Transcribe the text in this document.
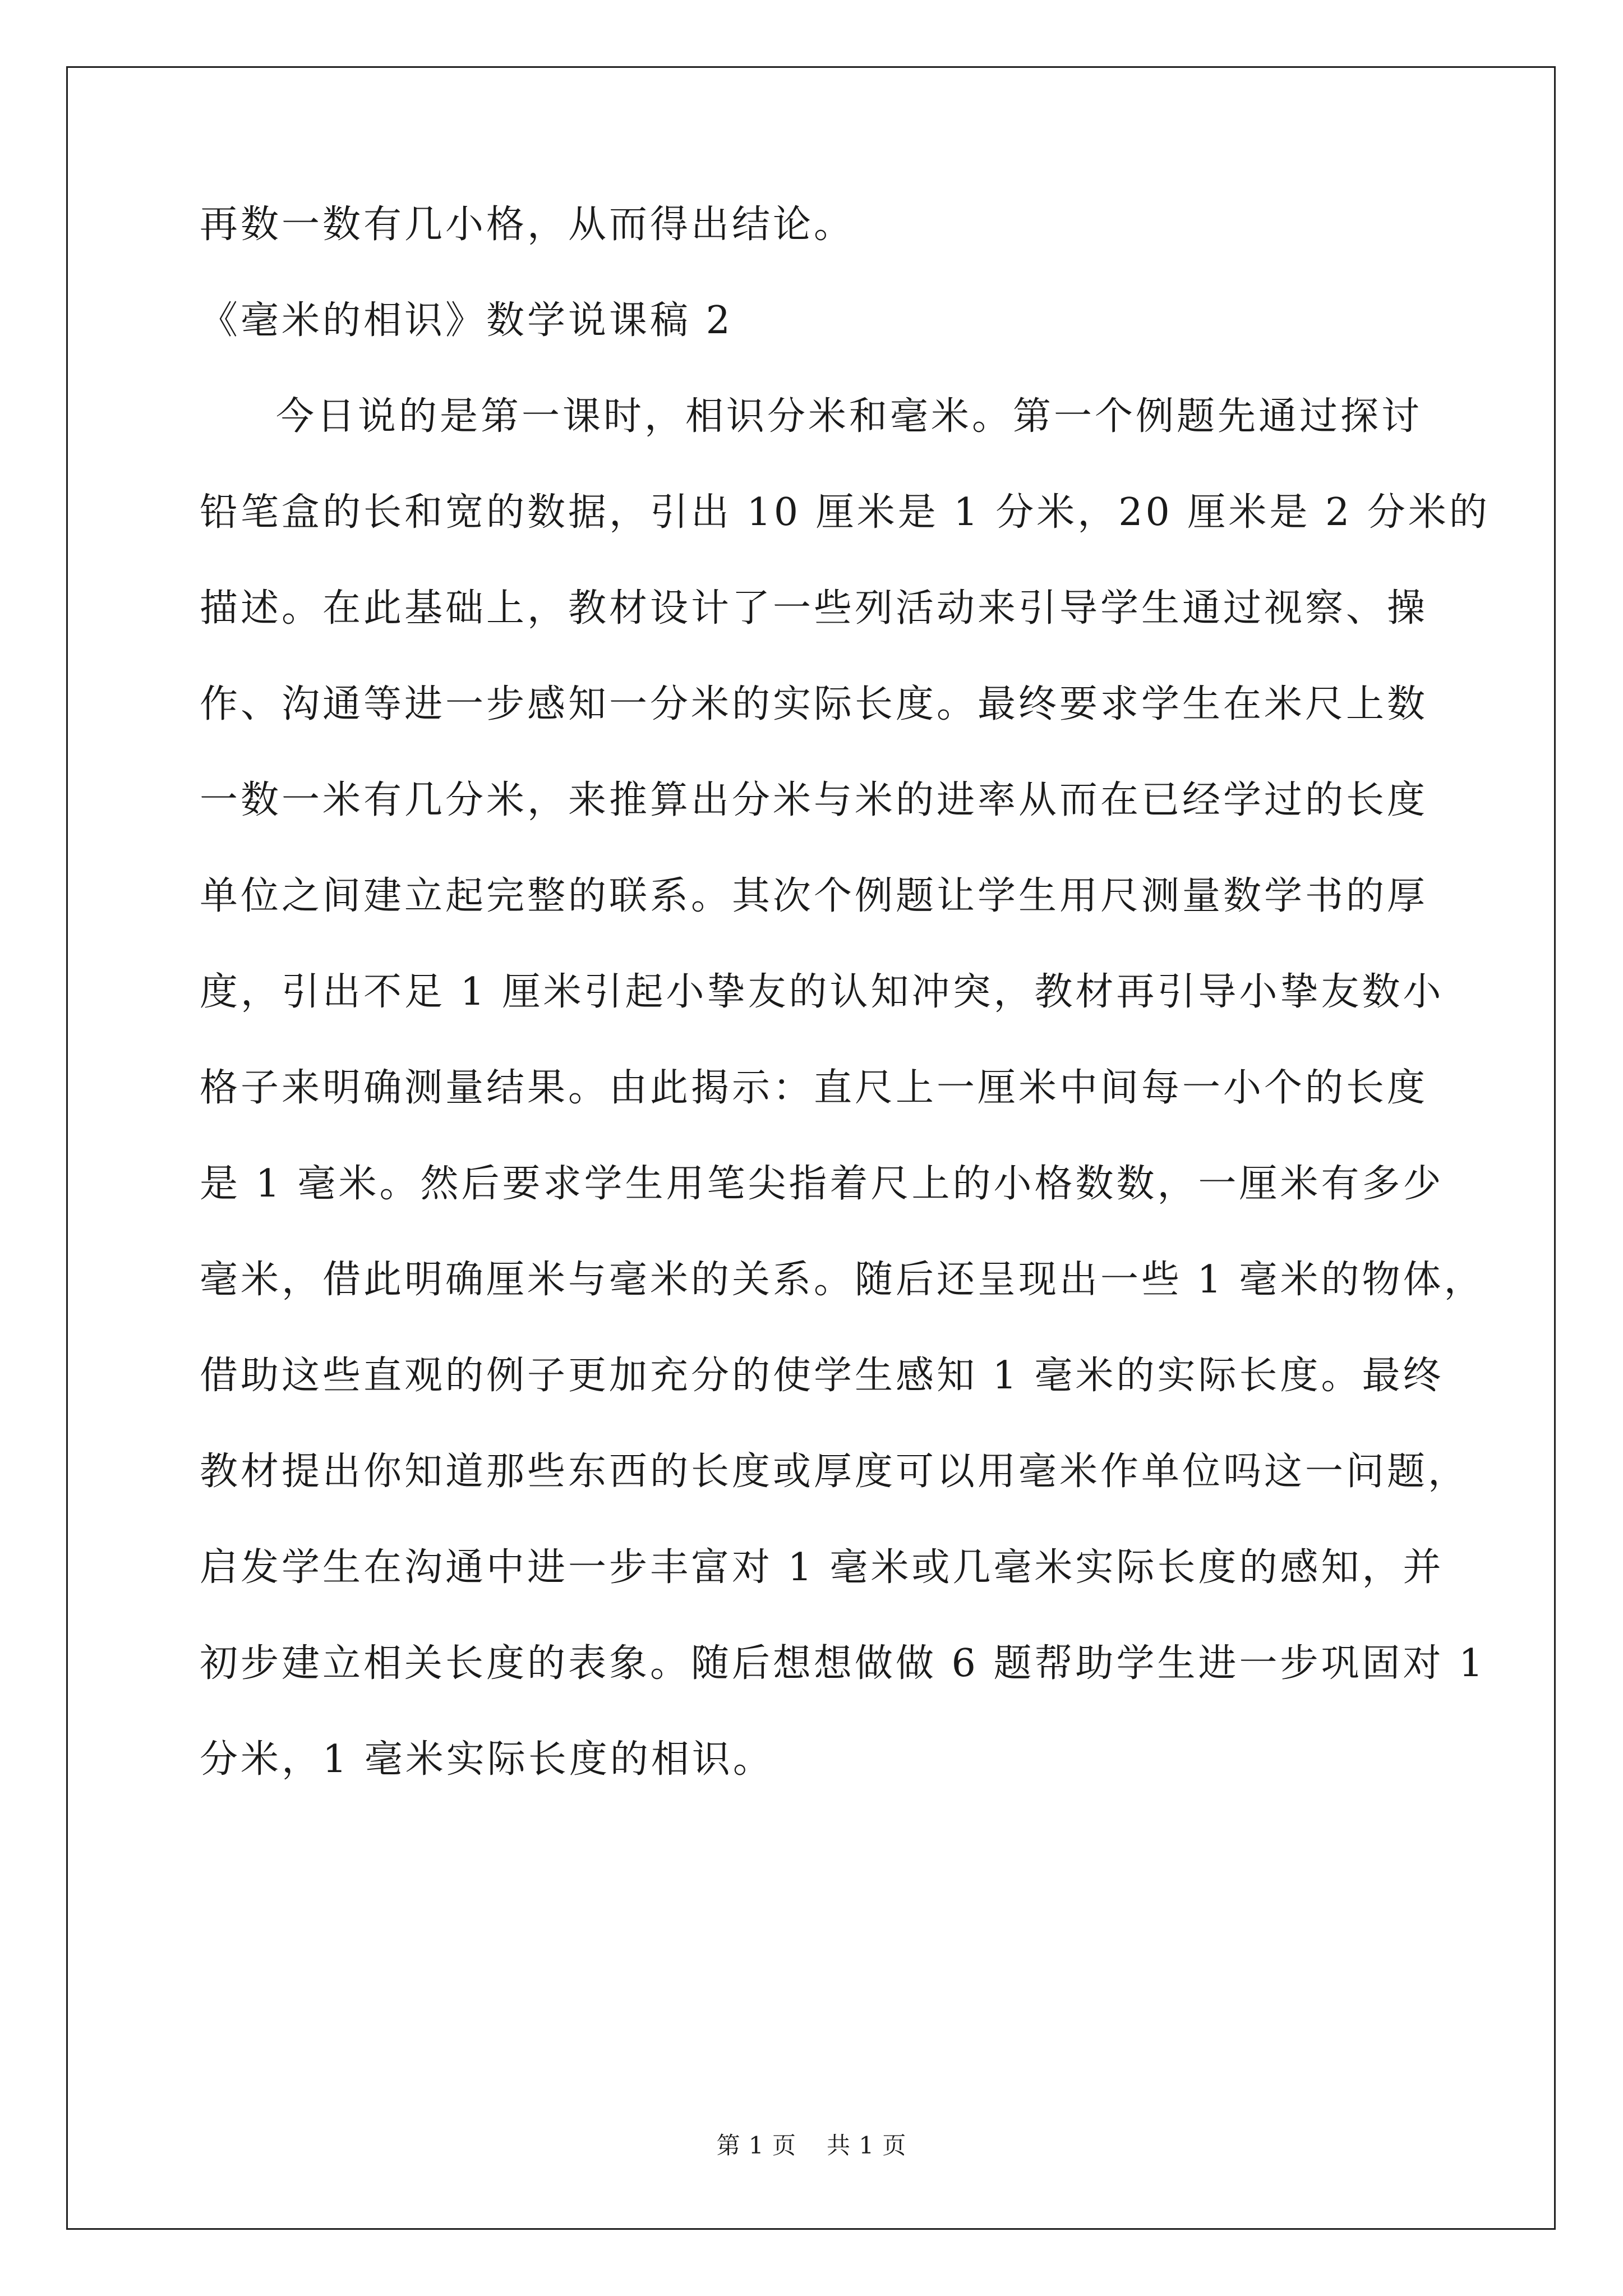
再数一数有几小格，从而得出结论。
《毫米的相识》数学说课稿 2
今日说的是第一课时，相识分米和毫米。第一个例题先通过探讨
铅笔盒的长和宽的数据，引出 10 厘米是 1 分米，20 厘米是 2 分米的
描述。在此基础上，教材设计了一些列活动来引导学生通过视察、操
作、沟通等进一步感知一分米的实际长度。最终要求学生在米尺上数
一数一米有几分米，来推算出分米与米的进率从而在已经学过的长度
单位之间建立起完整的联系。其次个例题让学生用尺测量数学书的厚
度，引出不足 1 厘米引起小挚友的认知冲突，教材再引导小挚友数小
格子来明确测量结果。由此揭示：直尺上一厘米中间每一小个的长度
是 1 毫米。然后要求学生用笔尖指着尺上的小格数数，一厘米有多少
毫米，借此明确厘米与毫米的关系。随后还呈现出一些 1 毫米的物体，
借助这些直观的例子更加充分的使学生感知 1 毫米的实际长度。最终
教材提出你知道那些东西的长度或厚度可以用毫米作单位吗这一问题，
启发学生在沟通中进一步丰富对 1 毫米或几毫米实际长度的感知，并
初步建立相关长度的表象。随后想想做做 6 题帮助学生进一步巩固对 1
分米，1 毫米实际长度的相识。
第 1 页 共 1 页
